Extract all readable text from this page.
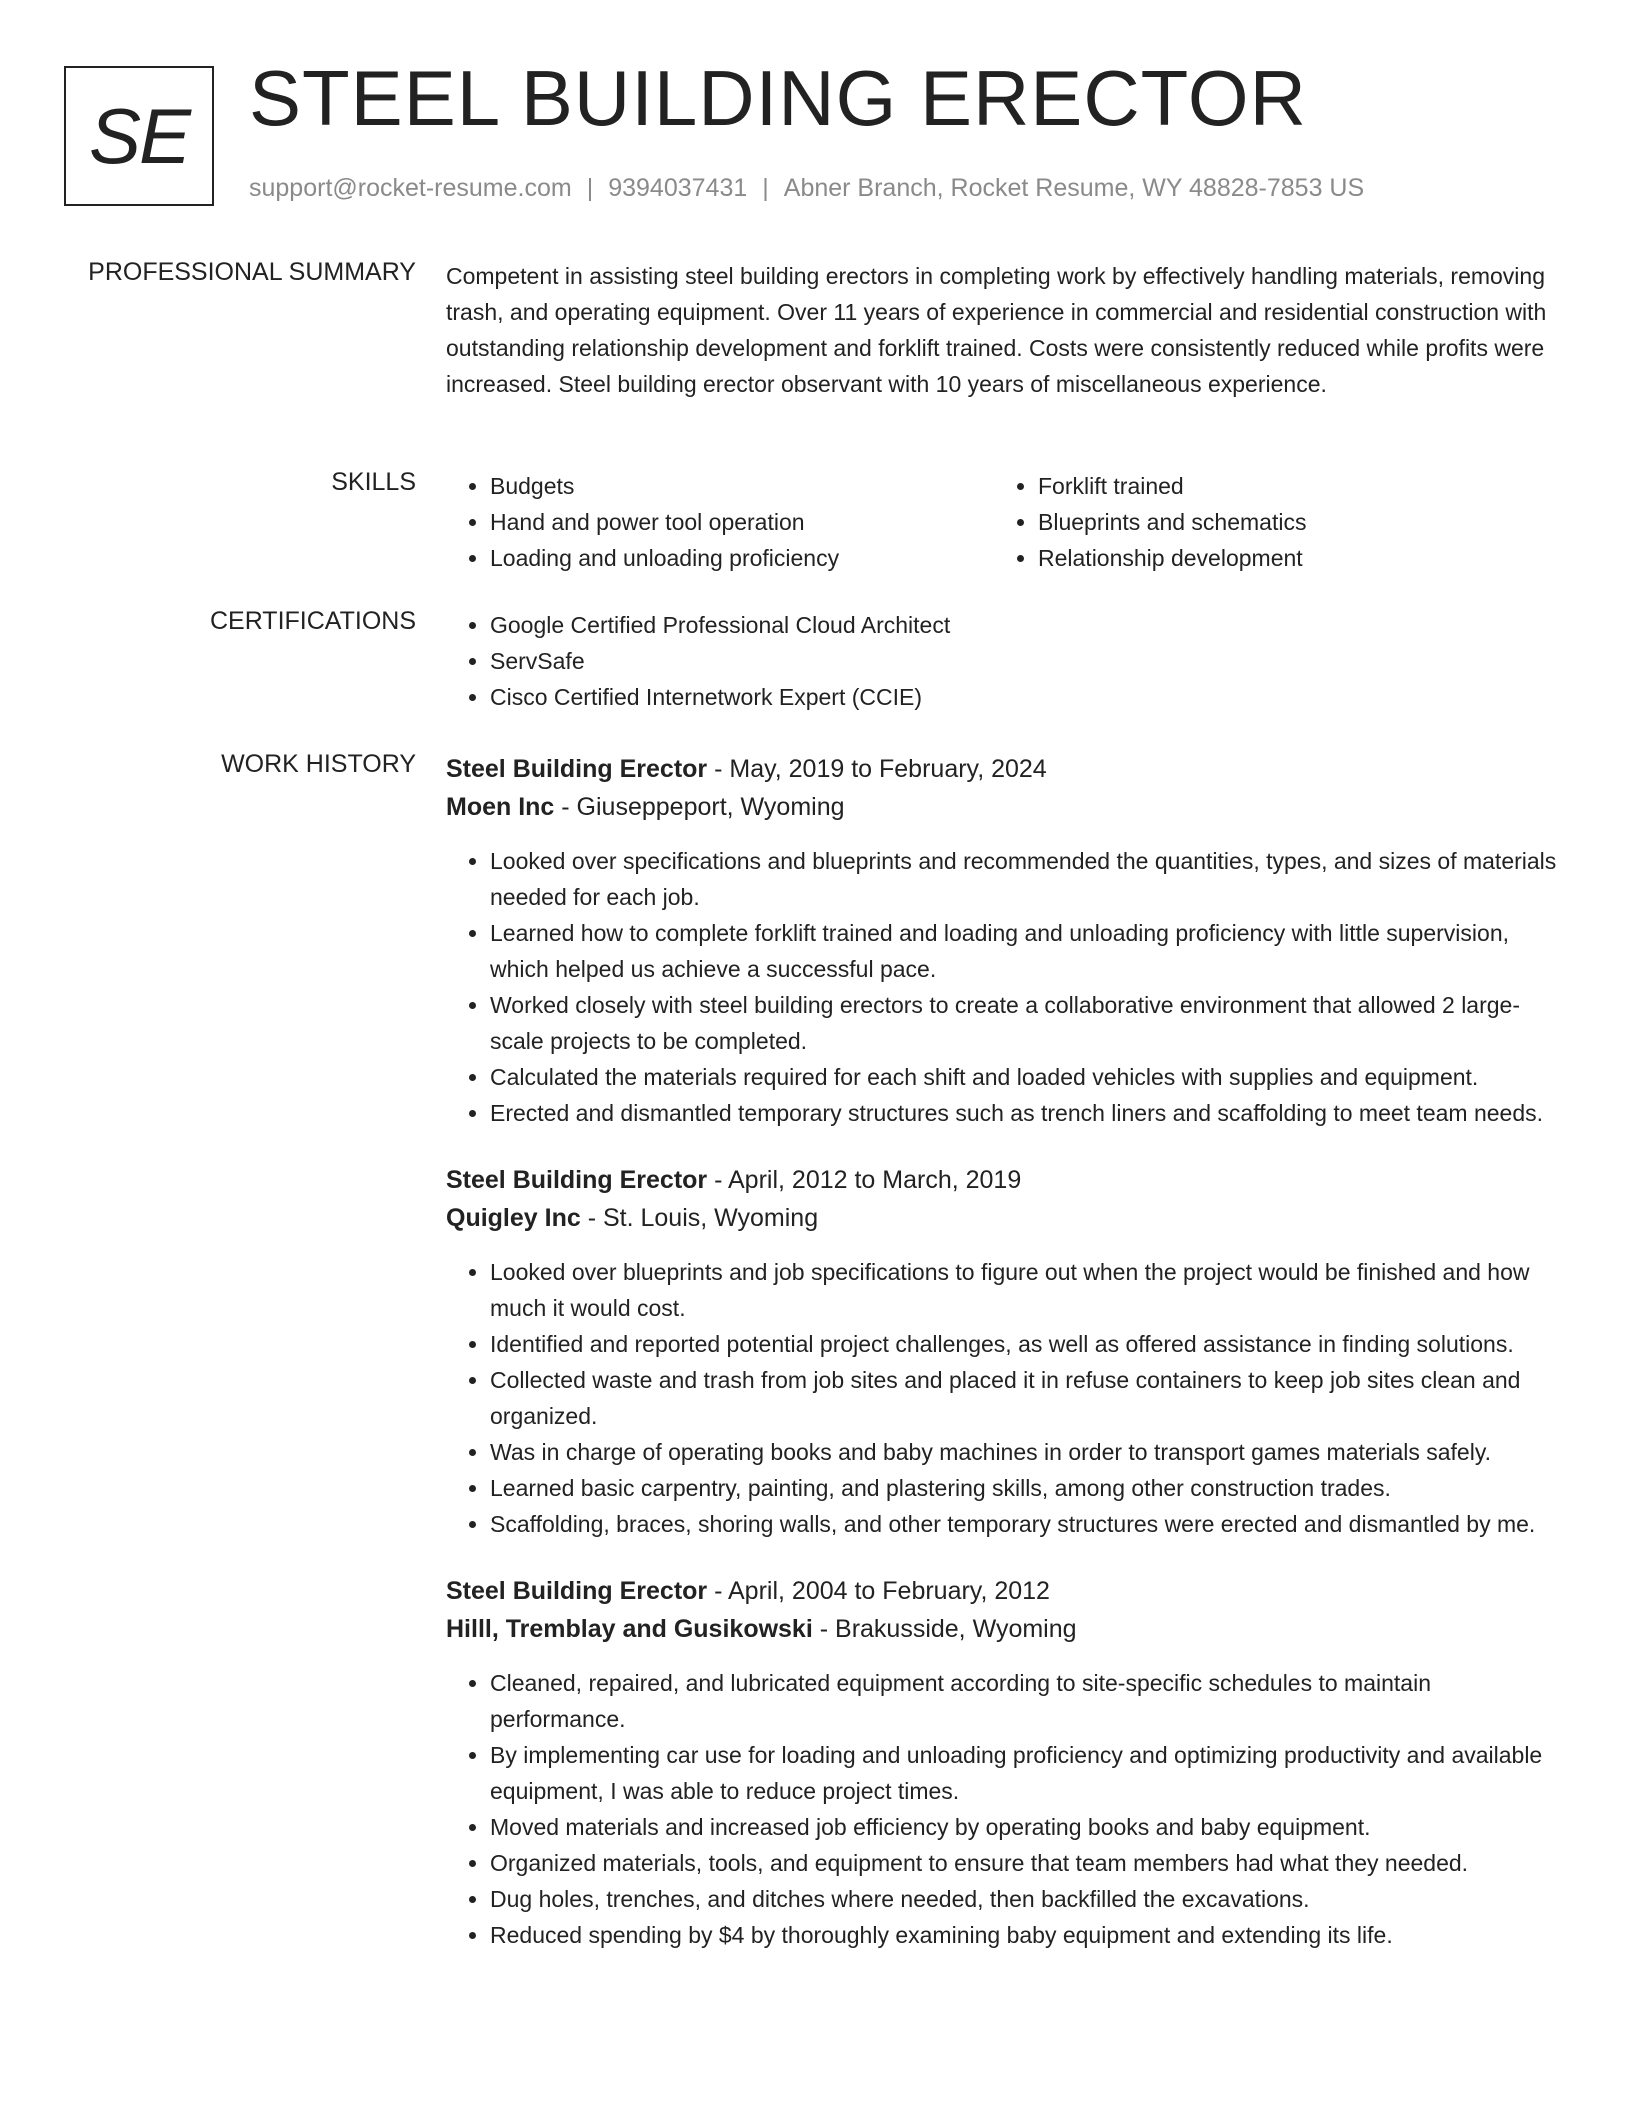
SE STEEL BUILDING ERECTOR
support@rocket-resume.com | 9394037431 | Abner Branch, Rocket Resume, WY 48828-7853 US
PROFESSIONAL SUMMARY Competent in assisting steel building erectors in completing work by effectively handling materials, removing trash, and operating equipment. Over 11 years of experience in commercial and residential construction with outstanding relationship development and forklift trained. Costs were consistently reduced while profits were increased. Steel building erector observant with 10 years of miscellaneous experience.

SKILLS	• Budgets
• Hand and power tool operation
• Loading and unloading proficiency
• Forklift trained
• Blueprints and schematics
• Relationship development
CERTIFICATIONS	• Google Certified Professional Cloud Architect
• ServSafe
• Cisco Certified Internetwork Expert (CCIE)
WORK HISTORY Steel Building Erector - May, 2019 to February, 2024
Moen Inc - Giuseppeport, Wyoming
• Looked over specifications and blueprints and recommended the quantities, types, and sizes of materials needed for each job.
• Learned how to complete forklift trained and loading and unloading proficiency with little supervision, which helped us achieve a successful pace.
• Worked closely with steel building erectors to create a collaborative environment that allowed 2 large-scale projects to be completed.
• Calculated the materials required for each shift and loaded vehicles with supplies and equipment.
• Erected and dismantled temporary structures such as trench liners and scaffolding to meet team needs.
Steel Building Erector - April, 2012 to March, 2019
Quigley Inc - St. Louis, Wyoming
• Looked over blueprints and job specifications to figure out when the project would be finished and how much it would cost.
• Identified and reported potential project challenges, as well as offered assistance in finding solutions.
• Collected waste and trash from job sites and placed it in refuse containers to keep job sites clean and organized.
• Was in charge of operating books and baby machines in order to transport games materials safely.
• Learned basic carpentry, painting, and plastering skills, among other construction trades.
• Scaffolding, braces, shoring walls, and other temporary structures were erected and dismantled by me.
Steel Building Erector - April, 2004 to February, 2012
Hilll, Tremblay and Gusikowski - Brakusside, Wyoming
• Cleaned, repaired, and lubricated equipment according to site-specific schedules to maintain performance.
• By implementing car use for loading and unloading proficiency and optimizing productivity and available equipment, I was able to reduce project times.
• Moved materials and increased job efficiency by operating books and baby equipment.
• Organized materials, tools, and equipment to ensure that team members had what they needed.
• Dug holes, trenches, and ditches where needed, then backfilled the excavations.
• Reduced spending by $4 by thoroughly examining baby equipment and extending its life.
